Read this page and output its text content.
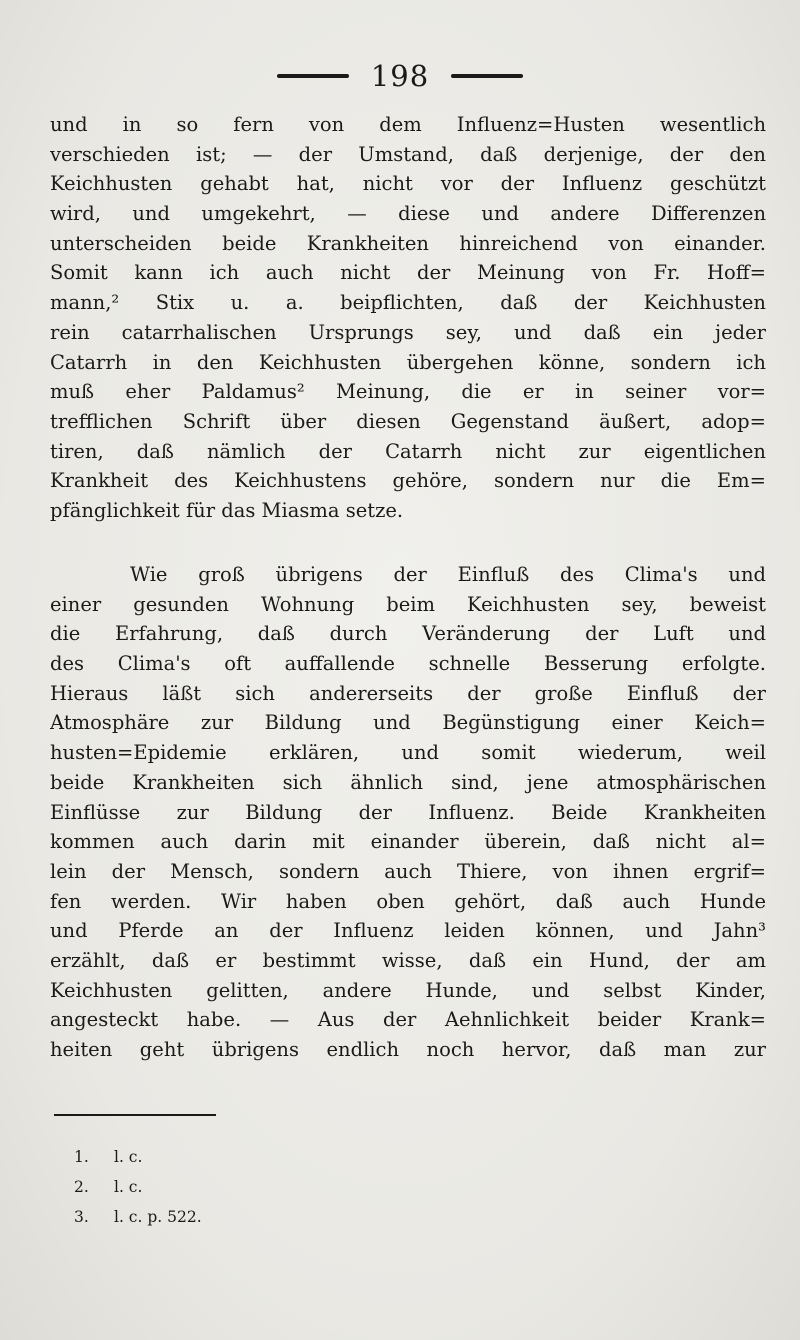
198
und in so fern von dem Influenz=Husten wesentlich
verschieden ist; — der Umstand, daß derjenige, der den
Keichhusten gehabt hat, nicht vor der Influenz geschützt
wird, und umgekehrt, — diese und andere Differenzen
unterscheiden beide Krankheiten hinreichend von einander.
Somit kann ich auch nicht der Meinung von Fr. Hoff=
mann,² Stix u. a. beipflichten, daß der Keichhusten
rein catarrhalischen Ursprungs sey, und daß ein jeder
Catarrh in den Keichhusten übergehen könne, sondern ich
muß eher Paldamus² Meinung, die er in seiner vor=
trefflichen Schrift über diesen Gegenstand äußert, adop=
tiren, daß nämlich der Catarrh nicht zur eigentlichen
Krankheit des Keichhustens gehöre, sondern nur die Em=
pfänglichkeit für das Miasma setze.
Wie groß übrigens der Einfluß des Clima's und
einer gesunden Wohnung beim Keichhusten sey, beweist
die Erfahrung, daß durch Veränderung der Luft und
des Clima's oft auffallende schnelle Besserung erfolgte.
Hieraus läßt sich andererseits der große Einfluß der
Atmosphäre zur Bildung und Begünstigung einer Keich=
husten=Epidemie erklären, und somit wiederum, weil
beide Krankheiten sich ähnlich sind, jene atmosphärischen
Einflüsse zur Bildung der Influenz. Beide Krankheiten
kommen auch darin mit einander überein, daß nicht al=
lein der Mensch, sondern auch Thiere, von ihnen ergrif=
fen werden. Wir haben oben gehört, daß auch Hunde
und Pferde an der Influenz leiden können, und Jahn³
erzählt, daß er bestimmt wisse, daß ein Hund, der am
Keichhusten gelitten, andere Hunde, und selbst Kinder,
angesteckt habe. — Aus der Aehnlichkeit beider Krank=
heiten geht übrigens endlich noch hervor, daß man zur
1. l. c.
2. l. c.
3. l. c. p. 522.
